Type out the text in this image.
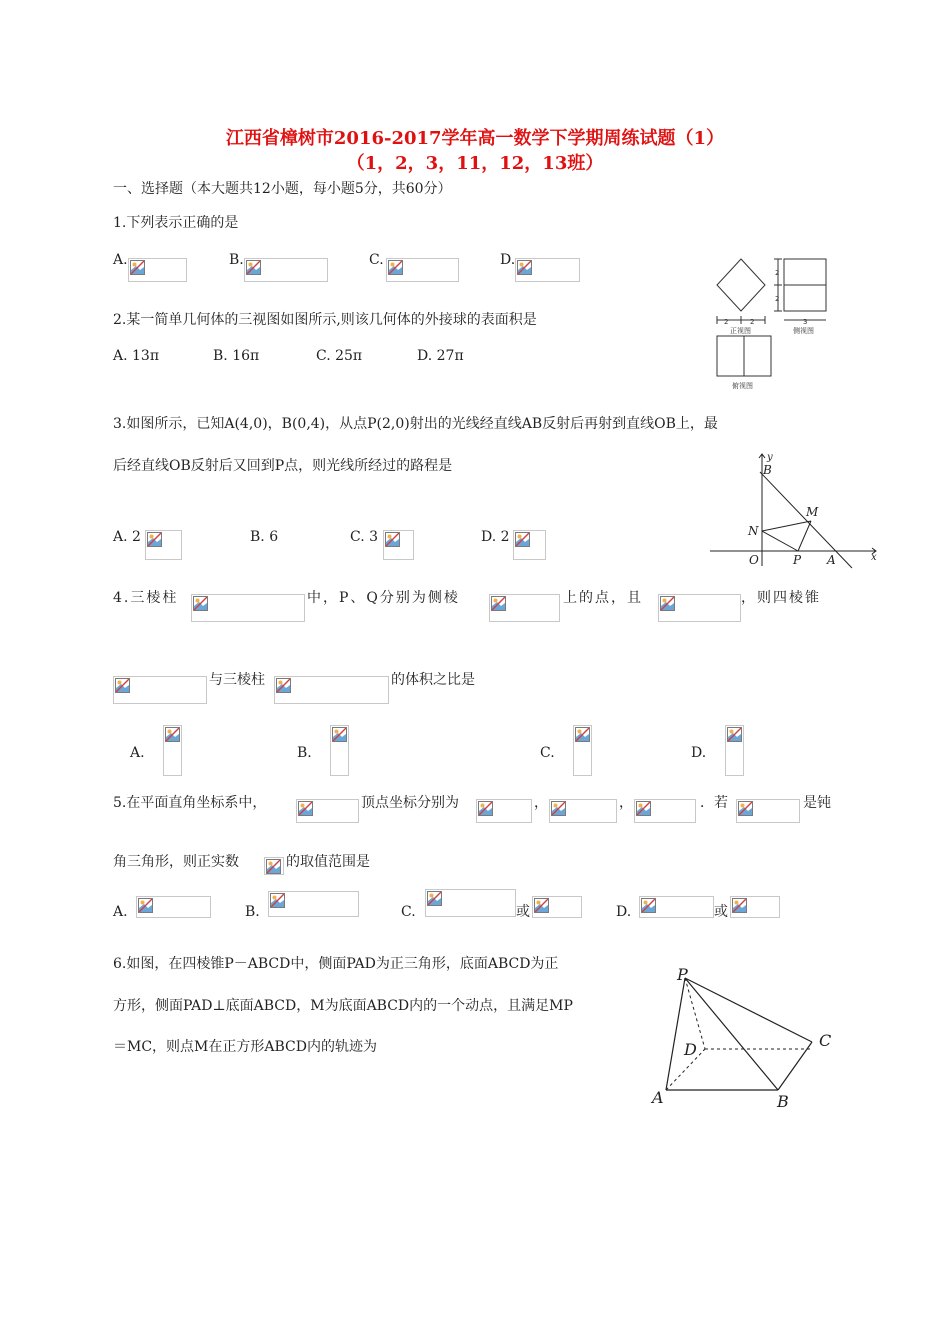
江西省樟树市2016-2017学年高一数学下学期周练试题（1）
（1，2，3，11，12，13班）
一、选择题（本大题共12小题，每小题5分，共60分）
1.下列表示正确的是
A.	B.	C.	D.
2.某一简单几何体的三视图如图所示,则该几何体的外接球的表面积是
A. 13π	B. 16π	C. 25π	D. 27π
2	2
2
2
3
正视图	侧视图
俯视图
3.如图所示，已知A(4,0)，B(0,4)，从点P(2,0)射出的光线经直线AB反射后再射到直线OB上，最
后经直线OB反射后又回到P点，则光线所经过的路程是
A. 2	B. 6	C. 3	D. 2
y
x
B
M
N
O	P A
4.三棱柱	中，P、Q分别为侧棱	上的点，且	，则四棱锥
与三棱柱	的体积之比是
A.	B.	C.	D.
5.在平面直角坐标系中，	顶点坐标分别为	，	，	．若	是钝
角三角形，则正实数	的取值范围是
A.	B.	C.	或	D.	或
6.如图，在四棱锥P－ABCD中，侧面PAD为正三角形，底面ABCD为正
方形，侧面PAD⊥底面ABCD，M为底面ABCD内的一个动点，且满足MP
＝MC，则点M在正方形ABCD内的轨迹为
P
D	C
A	B
